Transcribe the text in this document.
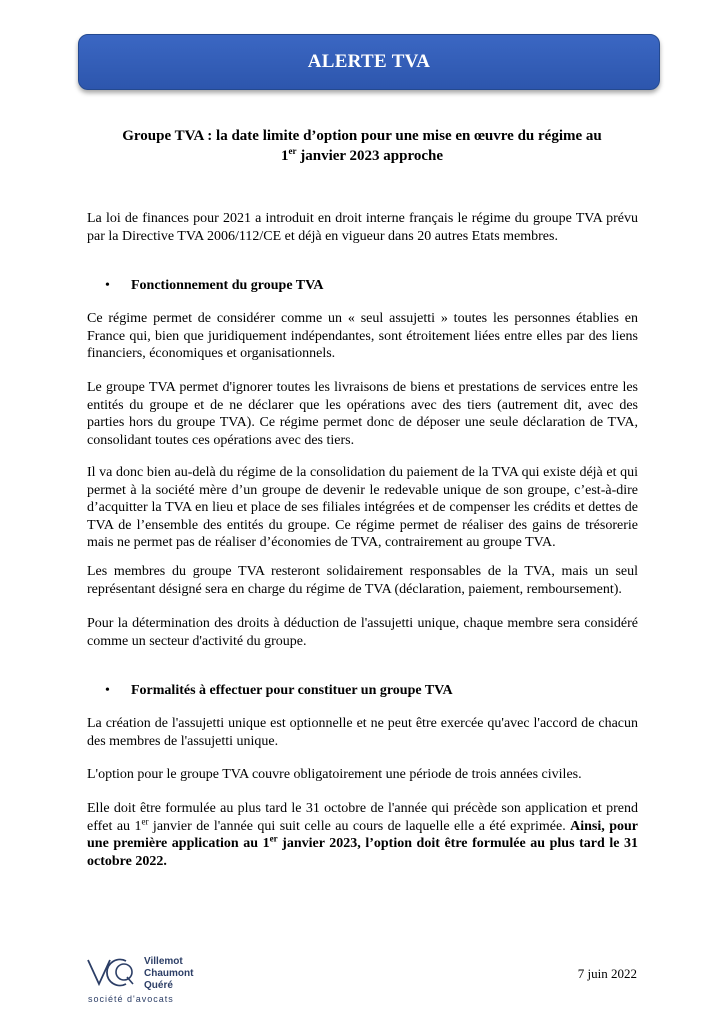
ALERTE TVA
Groupe TVA : la date limite d’option pour une mise en œuvre du régime au
1er janvier 2023 approche
La loi de finances pour 2021 a introduit en droit interne français le régime du groupe TVA prévu par la Directive TVA 2006/112/CE et déjà en vigueur dans 20 autres Etats membres.
• Fonctionnement du groupe TVA
Ce régime permet de considérer comme un « seul assujetti » toutes les personnes établies en France qui, bien que juridiquement indépendantes, sont étroitement liées entre elles par des liens financiers, économiques et organisationnels.
Le groupe TVA permet d'ignorer toutes les livraisons de biens et prestations de services entre les entités du groupe et de ne déclarer que les opérations avec des tiers (autrement dit, avec des parties hors du groupe TVA). Ce régime permet donc de déposer une seule déclaration de TVA, consolidant toutes ces opérations avec des tiers.
Il va donc bien au-delà du régime de la consolidation du paiement de la TVA qui existe déjà et qui permet à la société mère d’un groupe de devenir le redevable unique de son groupe, c’est-à-dire d’acquitter la TVA en lieu et place de ses filiales intégrées et de compenser les crédits et dettes de TVA de l’ensemble des entités du groupe. Ce régime permet de réaliser des gains de trésorerie mais ne permet pas de réaliser d’économies de TVA, contrairement au groupe TVA.
Les membres du groupe TVA resteront solidairement responsables de la TVA, mais un seul représentant désigné sera en charge du régime de TVA (déclaration, paiement, remboursement).
Pour la détermination des droits à déduction de l'assujetti unique, chaque membre sera considéré comme un secteur d'activité du groupe.
• Formalités à effectuer pour constituer un groupe TVA
La création de l'assujetti unique est optionnelle et ne peut être exercée qu'avec l'accord de chacun des membres de l'assujetti unique.
L'option pour le groupe TVA couvre obligatoirement une période de trois années civiles.
Elle doit être formulée au plus tard le 31 octobre de l'année qui précède son application et prend effet au 1er janvier de l'année qui suit celle au cours de laquelle elle a été exprimée. Ainsi, pour une première application au 1er janvier 2023, l’option doit être formulée au plus tard le 31 octobre 2022.
Villemot
Chaumont
Quéré
société d'avocats
7 juin 2022
